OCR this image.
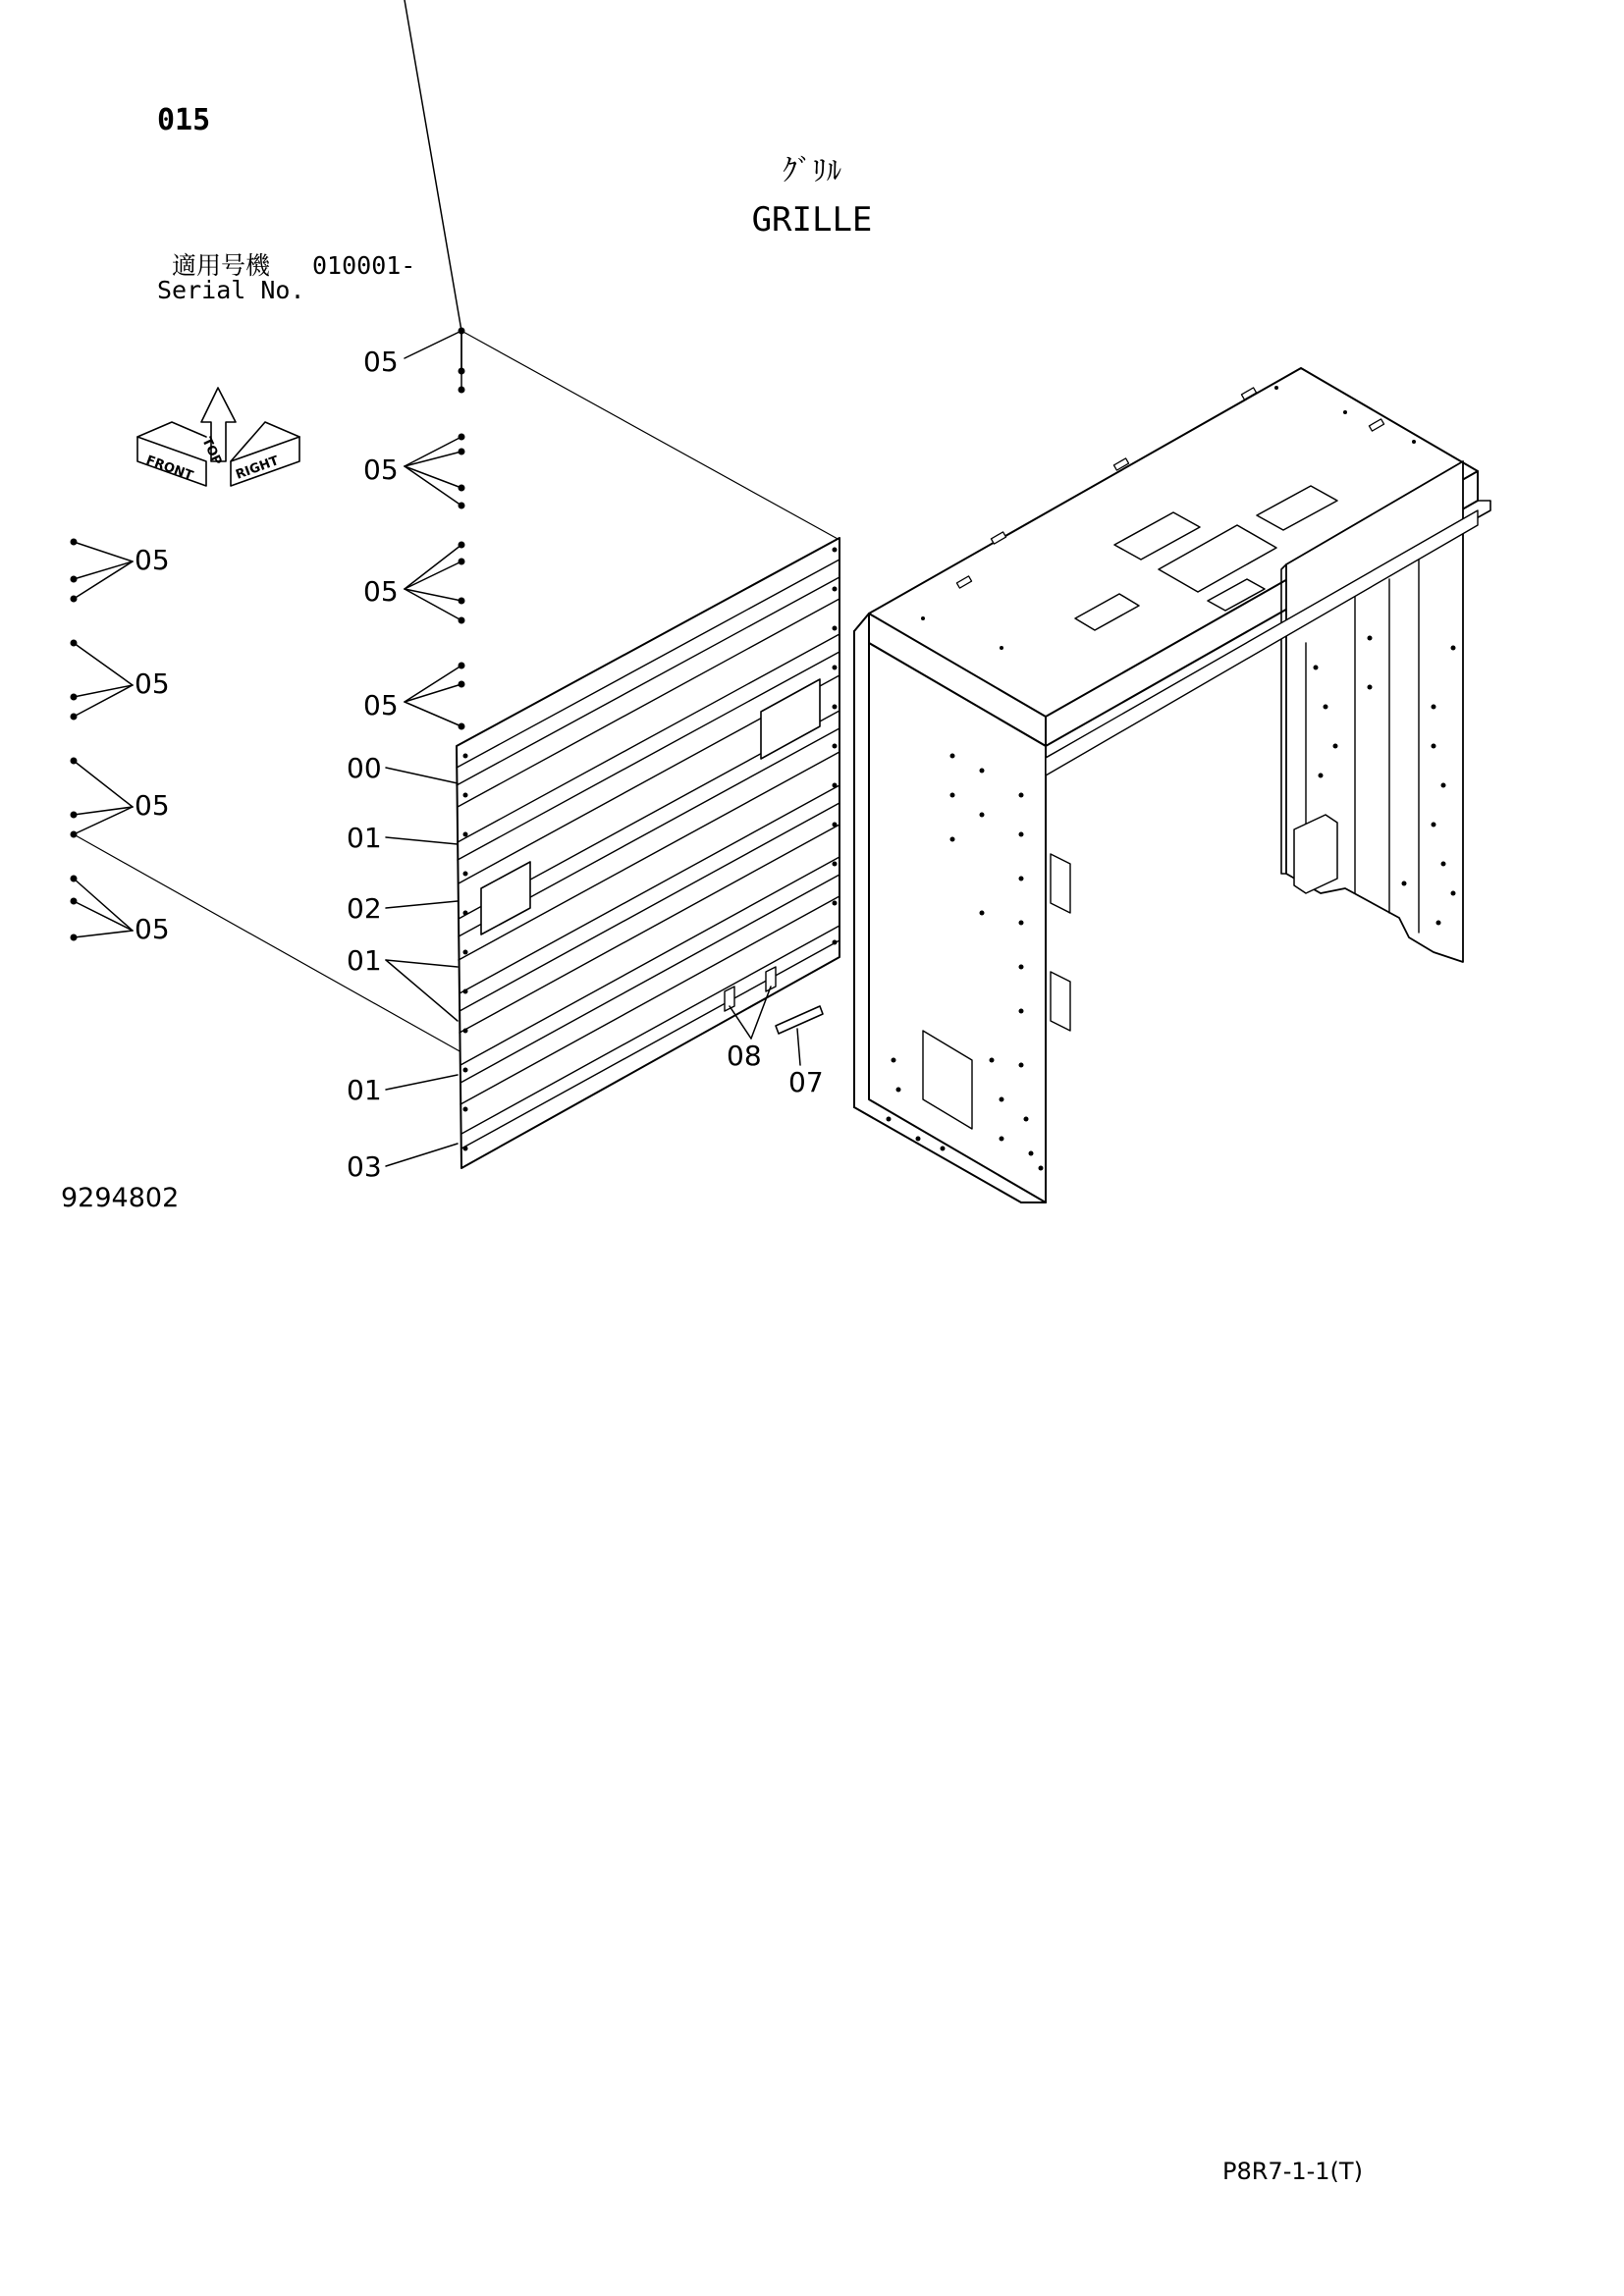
015
ｸﾞﾘﾙ
GRILLE
適用号機 010001-
Serial No.
9294802
P8R7-1-1(T)
FRONT
TOP
RIGHT
05
05
05
05
05
05
05
05
00
01
02
01
01
03
08
07
